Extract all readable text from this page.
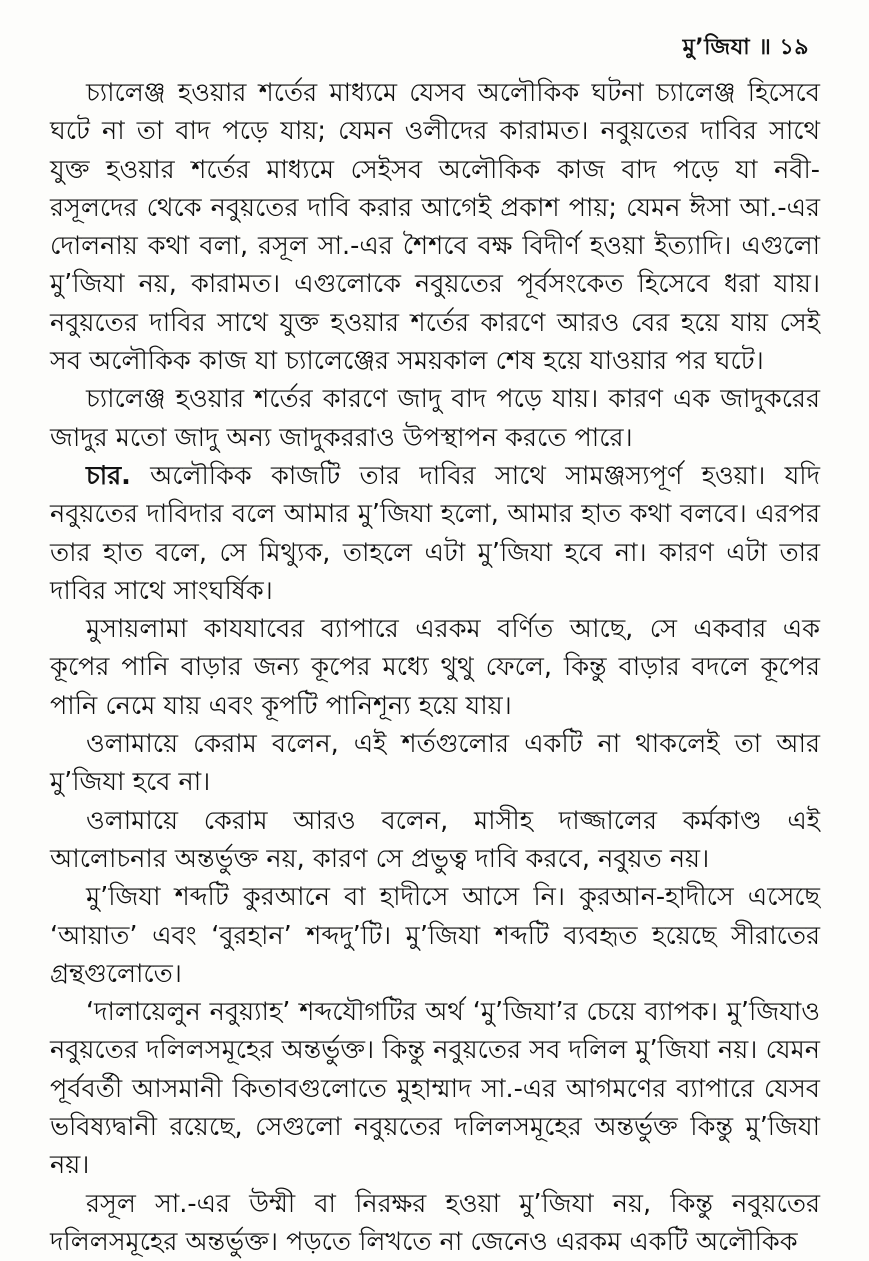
মু’জিযা ॥ ১৯

চ্যালেঞ্জ হওয়ার শর্তের মাধ্যমে যেসব অলৌকিক ঘটনা চ্যালেঞ্জ হিসেবে ঘটে না তা বাদ পড়ে যায়; যেমন ওলীদের কারামত। নবুয়তের দাবির সাথে যুক্ত হওয়ার শর্তের মাধ্যমে সেইসব অলৌকিক কাজ বাদ পড়ে যা নবী-রসূলদের থেকে নবুয়তের দাবি করার আগেই প্রকাশ পায়; যেমন ঈসা আ.-এর দোলনায় কথা বলা, রসূল সা.-এর শৈশবে বক্ষ বিদীর্ণ হওয়া ইত্যাদি। এগুলো মু’জিযা নয়, কারামত। এগুলোকে নবুয়তের পূর্বসংকেত হিসেবে ধরা যায়। নবুয়তের দাবির সাথে যুক্ত হওয়ার শর্তের কারণে আরও বের হয়ে যায় সেই সব অলৌকিক কাজ যা চ্যালেঞ্জের সময়কাল শেষ হয়ে যাওয়ার পর ঘটে।

চ্যালেঞ্জ হওয়ার শর্তের কারণে জাদু বাদ পড়ে যায়। কারণ এক জাদুকরের জাদুর মতো জাদু অন্য জাদুকররাও উপস্থাপন করতে পারে।

চার. অলৌকিক কাজটি তার দাবির সাথে সামঞ্জস্যপূর্ণ হওয়া। যদি নবুয়তের দাবিদার বলে আমার মু’জিযা হলো, আমার হাত কথা বলবে। এরপর তার হাত বলে, সে মিথ্যুক, তাহলে এটা মু’জিযা হবে না। কারণ এটা তার দাবির সাথে সাংঘর্ষিক।

মুসায়লামা কাযযাবের ব্যাপারে এরকম বর্ণিত আছে, সে একবার এক কূপের পানি বাড়ার জন্য কূপের মধ্যে থুথু ফেলে, কিন্তু বাড়ার বদলে কূপের পানি নেমে যায় এবং কূপটি পানিশূন্য হয়ে যায়।

ওলামায়ে কেরাম বলেন, এই শর্তগুলোর একটি না থাকলেই তা আর মু’জিযা হবে না।

ওলামায়ে কেরাম আরও বলেন, মাসীহ দাজ্জালের কর্মকাণ্ড এই আলোচনার অন্তর্ভুক্ত নয়, কারণ সে প্রভুত্ব দাবি করবে, নবুয়ত নয়।

মু’জিযা শব্দটি কুরআনে বা হাদীসে আসে নি। কুরআন-হাদীসে এসেছে ‘আয়াত’ এবং ‘বুরহান’ শব্দদু’টি। মু’জিযা শব্দটি ব্যবহৃত হয়েছে সীরাতের গ্রন্থগুলোতে।

‘দালায়েলুন নবুয়্যাহ’ শব্দযৌগটির অর্থ ‘মু’জিযা’র চেয়ে ব্যাপক। মু’জিযাও নবুয়তের দলিলসমূহের অন্তর্ভুক্ত। কিন্তু নবুয়তের সব দলিল মু’জিযা নয়। যেমন পূর্ববর্তী আসমানী কিতাবগুলোতে মুহাম্মাদ সা.-এর আগমণের ব্যাপারে যেসব ভবিষ্যদ্বানী রয়েছে, সেগুলো নবুয়তের দলিলসমূহের অন্তর্ভুক্ত কিন্তু মু’জিযা নয়।

রসূল সা.-এর উম্মী বা নিরক্ষর হওয়া মু’জিযা নয়, কিন্তু নবুয়তের দলিলসমূহের অন্তর্ভুক্ত। পড়তে লিখতে না জেনেও এরকম একটি অলৌকিক
